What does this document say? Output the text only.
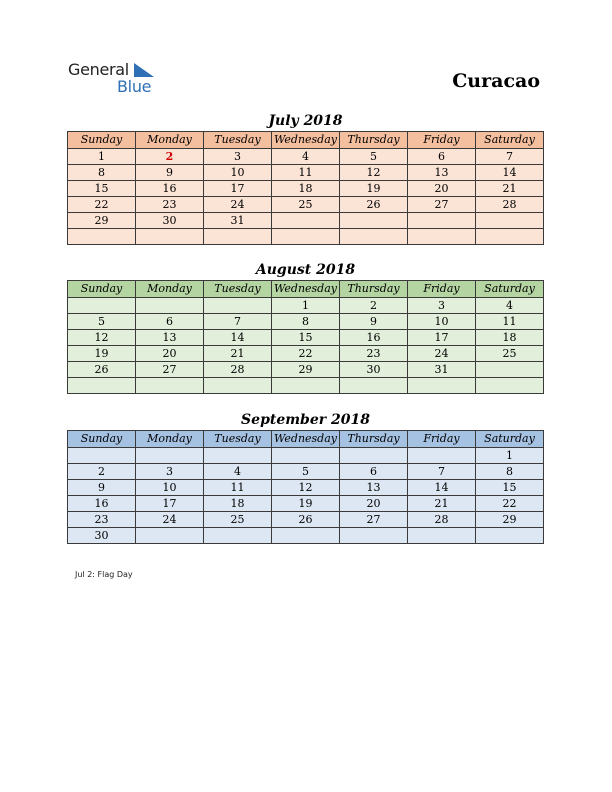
General
Blue	Curacao
July 2018
Sunday	Monday	Tuesday	Wednesday	Thursday	Friday	Saturday
1	2	3	4	5	6	7
8	9	10	11	12	13	14
15	16	17	18	19	20	21
22	23	24	25	26	27	28
29	30	31				

August 2018
Sunday	Monday	Tuesday	Wednesday	Thursday	Friday	Saturday
			1	2	3	4
5	6	7	8	9	10	11
12	13	14	15	16	17	18
19	20	21	22	23	24	25
26	27	28	29	30	31	

September 2018
Sunday	Monday	Tuesday	Wednesday	Thursday	Friday	Saturday
						1
2	3	4	5	6	7	8
9	10	11	12	13	14	15
16	17	18	19	20	21	22
23	24	25	26	27	28	29
30						
Jul 2: Flag Day
